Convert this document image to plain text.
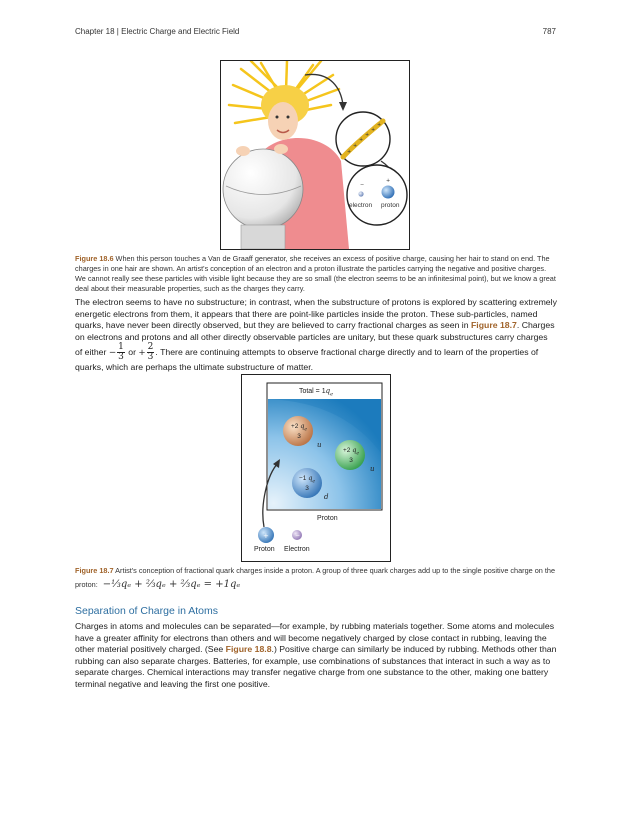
Chapter 18 | Electric Charge and Electric Field	787
+
+
+
+
+
+
−
+
electron proton
Figure 18.6 When this person touches a Van de Graaff generator, she receives an excess of positive charge, causing her hair to stand on end. The charges in one hair are shown. An artist's conception of an electron and a proton illustrate the particles carrying the negative and positive charges. We cannot really see these particles with visible light because they are so small (the electron seems to be an infinitesimal point), but we know a great deal about their measurable properties, such as the charges they carry.
The electron seems to have no substructure; in contrast, when the substructure of protons is explored by scattering extremely energetic electrons from them, it appears that there are point-like particles inside the proton. These sub-particles, named quarks, have never been directly observed, but they are believed to carry fractional charges as seen in Figure 18.7. Charges on electrons and protons and all other directly observable particles are unitary, but these quark substructures carry charges of either − $\frac{1}{3}$ or + $\frac{2}{3}$ . There are continuing attempts to observe fractional charge directly and to learn of the properties of quarks, which are perhaps the ultimate substructure of matter.
+	−
Total = $1q_e$
+2 $q_e$
3
u
+2 $q_e$
3
u
−1 $q_e$
3
d
Proton
Proton Electron
Figure 18.7 Artist's conception of fractional quark charges inside a proton. A group of three quark charges add up to the single positive charge on the
proton: −⅓qₑ + ⅔qₑ + ⅔qₑ = +1qₑ
Separation of Charge in Atoms
Charges in atoms and molecules can be separated—for example, by rubbing materials together. Some atoms and molecules have a greater affinity for electrons than others and will become negatively charged by close contact in rubbing, leaving the other material positively charged. (See Figure 18.8.) Positive charge can similarly be induced by rubbing. Methods other than rubbing can also separate charges. Batteries, for example, use combinations of substances that interact in such a way as to separate charges. Chemical interactions may transfer negative charge from one substance to the other, making one battery terminal negative and leaving the first one positive.
